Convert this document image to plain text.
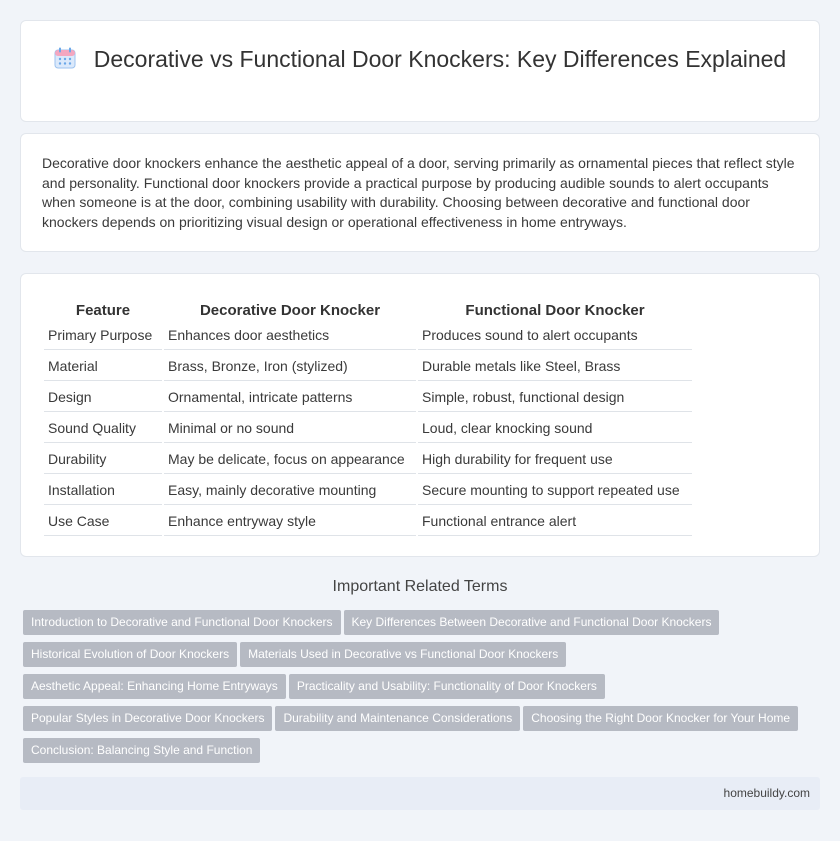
Decorative vs Functional Door Knockers: Key Differences Explained

Decorative door knockers enhance the aesthetic appeal of a door, serving primarily as ornamental pieces that reflect style and personality. Functional door knockers provide a practical purpose by producing audible sounds to alert occupants when someone is at the door, combining usability with durability. Choosing between decorative and functional door knockers depends on prioritizing visual design or operational effectiveness in home entryways.

Feature	Decorative Door Knocker	Functional Door Knocker
Primary Purpose	Enhances door aesthetics	Produces sound to alert occupants
Material	Brass, Bronze, Iron (stylized)	Durable metals like Steel, Brass
Design	Ornamental, intricate patterns	Simple, robust, functional design
Sound Quality	Minimal or no sound	Loud, clear knocking sound
Durability	May be delicate, focus on appearance	High durability for frequent use
Installation	Easy, mainly decorative mounting	Secure mounting to support repeated use
Use Case	Enhance entryway style	Functional entrance alert
Important Related Terms
Introduction to Decorative and Functional Door Knockers Key Differences Between Decorative and Functional Door Knockers
Historical Evolution of Door Knockers Materials Used in Decorative vs Functional Door Knockers
Aesthetic Appeal: Enhancing Home Entryways Practicality and Usability: Functionality of Door Knockers
Popular Styles in Decorative Door Knockers Durability and Maintenance Considerations Choosing the Right Door Knocker for Your Home
Conclusion: Balancing Style and Function
homebuildy.com
